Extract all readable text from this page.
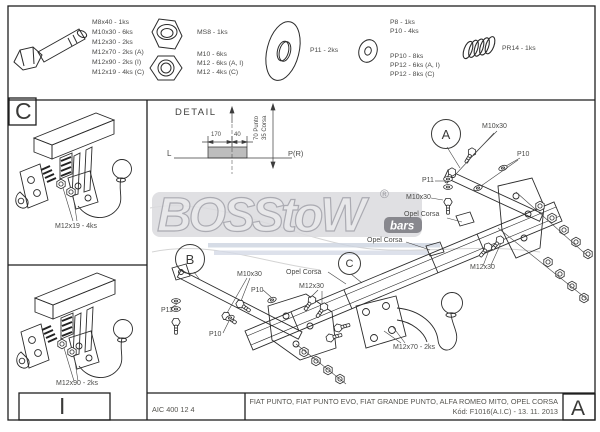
BOSStoW	®
bars
M8x40 - 1ks
M10x30 - 6ks
M12x30 - 2ks
M12x70 - 2ks (A)
M12x90 - 2ks (I)
M12x19 - 4ks (C)
MS8 - 1ks
M10 - 6ks
M12 - 6ks (A, I)
M12 - 4ks (C)
P11 - 2ks
P8 - 1ks
P10 - 4ks
PP10 - 8ks
PP12 - 6ks (A, I)
PP12 - 8ks (C)
PR14 - 1ks
C
I
M12x19 - 4ks
M12x90 - 2ks
DETAIL
170 40
L	P(R)
70 Punto 35 Corsa	A
B	C
M10x30
P10
P11
M10x30
Opel Corsa
Opel Corsa
Opel Corsa
M12x30
M12x30
M10x30
P10
P11
P10
M12x70 - 2ks
AIC 400 12 4
FIAT PUNTO, FIAT PUNTO EVO, FIAT GRANDE PUNTO, ALFA ROMEO MITO, OPEL CORSA
Kód: F1016(A.I.C) - 13. 11. 2013 A
